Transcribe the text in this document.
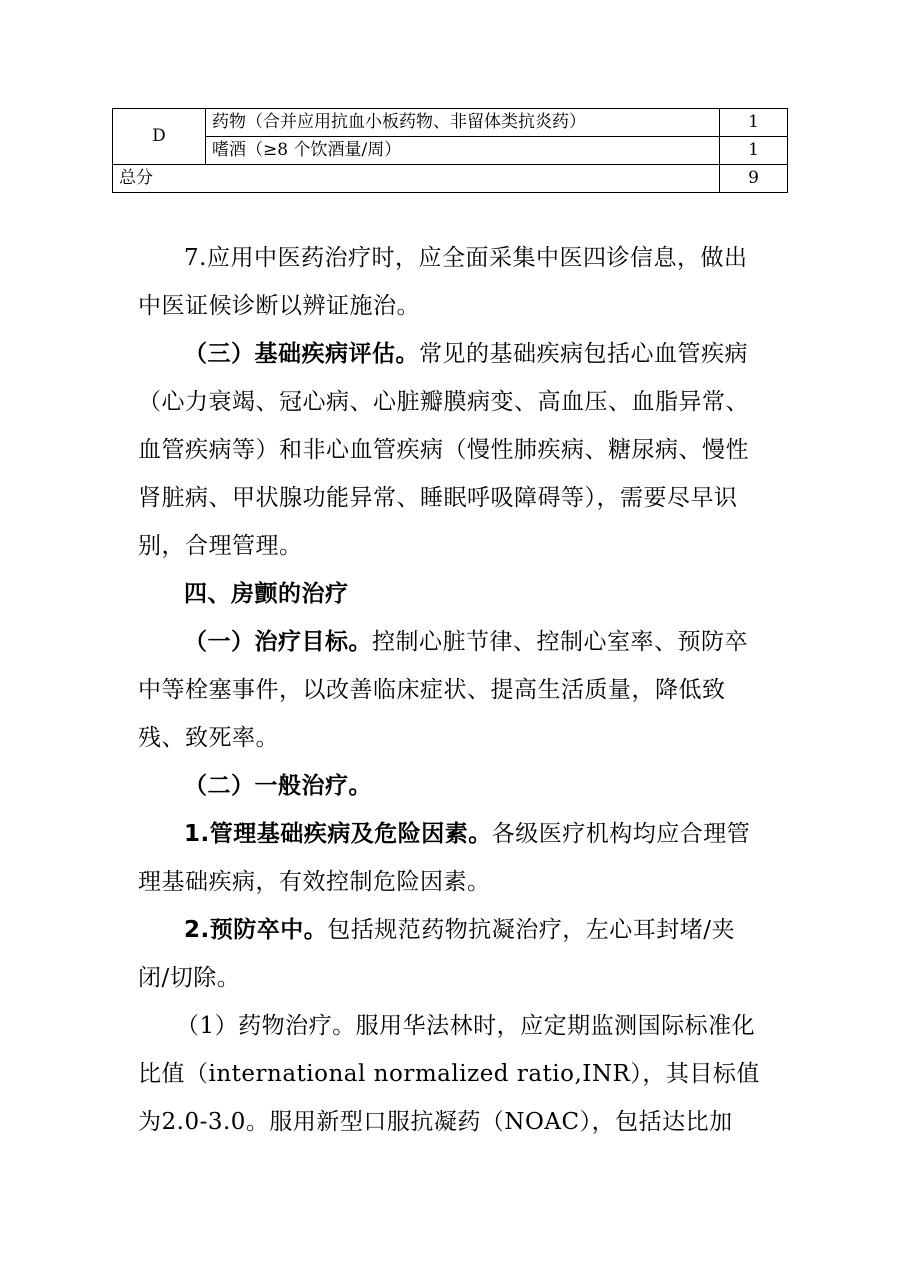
D	药物（合并应用抗血小板药物、非留体类抗炎药）	1
	嗜酒（≥8 个饮酒量/周）	1
总分		9

7.应用中医药治疗时，应全面采集中医四诊信息，做出中医证候诊断以辨证施治。

（三）基础疾病评估。常见的基础疾病包括心血管疾病（心力衰竭、冠心病、心脏瓣膜病变、高血压、血脂异常、血管疾病等）和非心血管疾病（慢性肺疾病、糖尿病、慢性肾脏病、甲状腺功能异常、睡眠呼吸障碍等），需要尽早识别，合理管理。

四、房颤的治疗

（一）治疗目标。控制心脏节律、控制心室率、预防卒中等栓塞事件，以改善临床症状、提高生活质量，降低致残、致死率。

（二）一般治疗。

1.管理基础疾病及危险因素。各级医疗机构均应合理管理基础疾病，有效控制危险因素。

2.预防卒中。包括规范药物抗凝治疗，左心耳封堵/夹闭/切除。

（1）药物治疗。服用华法林时，应定期监测国际标准化比值（international normalized ratio,INR），其目标值为2.0-3.0。服用新型口服抗凝药（NOAC），包括达比加
